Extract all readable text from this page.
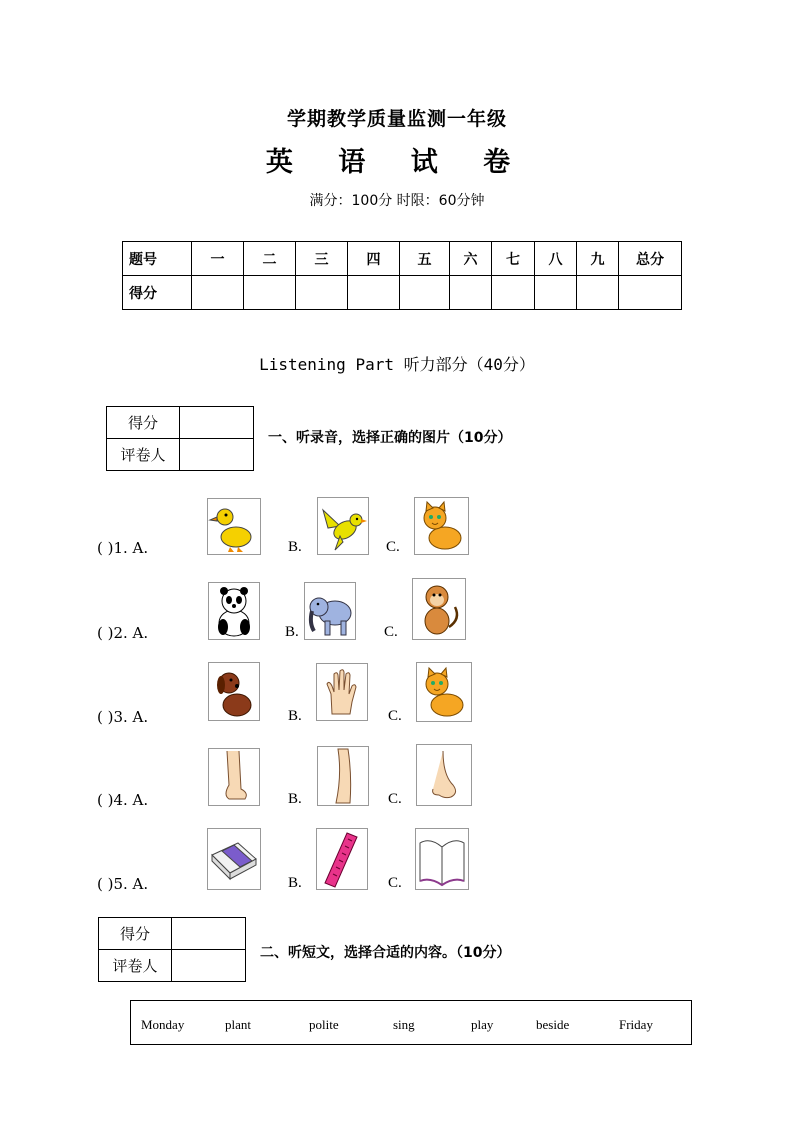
学期教学质量监测一年级
英 语 试 卷
满分：100分 时限：60分钟
题号	一	二	三	四	五	六	七	八	九	总分
得分										
Listening Part 听力部分（40分）
得分	
评卷人	
一、听录音，选择正确的图片（10分）
( )1. A.	B.	C.
( )2. A.	B.	C.
( )3. A.	B.	C.
( )4. A.	B.	C.
( )5. A.	B.	C.
得分	
评卷人	
二、听短文，选择合适的内容。（10分）
Monday	plant	polite	sing	play	beside	Friday
